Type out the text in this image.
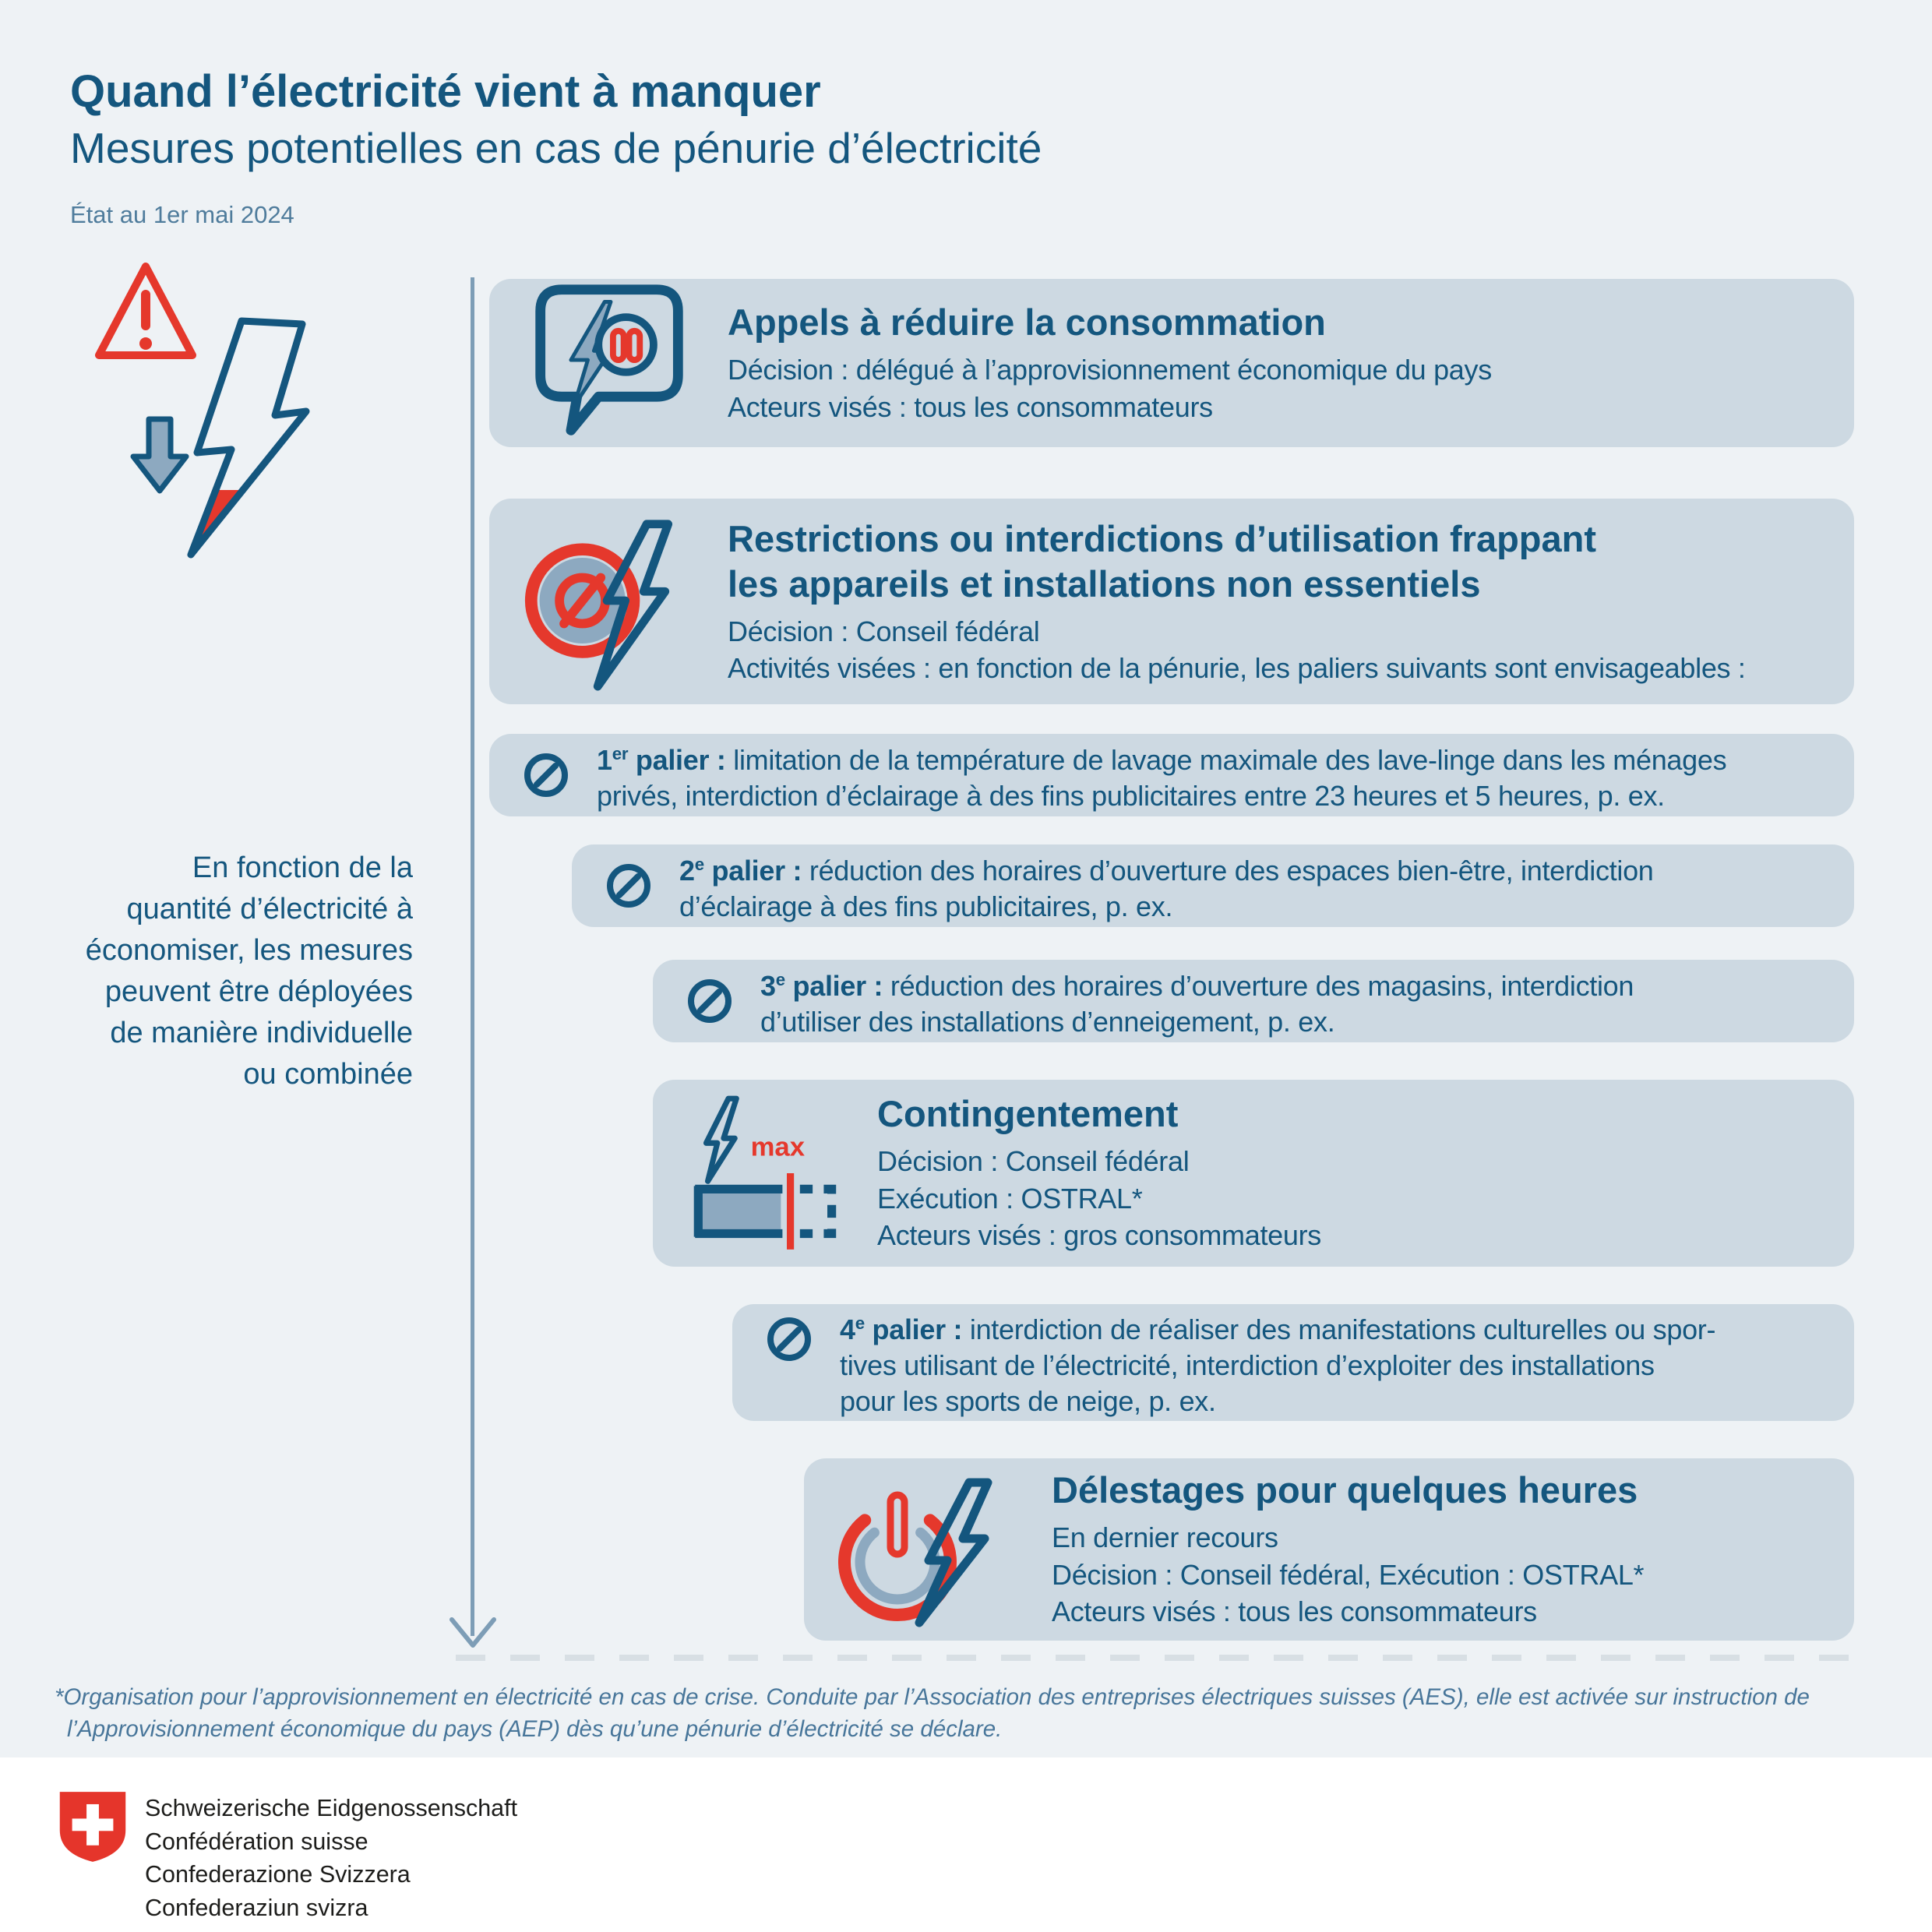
Quand l’électricité vient à manquer
Mesures potentielles en cas de pénurie d’électricité
État au 1er mai 2024
En fonction de la
quantité d’électricité à
économiser, les mesures
peuvent être déployées
de manière individuelle
ou combinée
Appels à réduire la consommation
Décision : délégué à l’approvisionnement économique du pays
Acteurs visés : tous les consommateurs
Restrictions ou interdictions d’utilisation frappant
les appareils et installations non essentiels
Décision : Conseil fédéral
Activités visées : en fonction de la pénurie, les paliers suivants sont envisageables :
1er palier : limitation de la température de lavage maximale des lave-linge dans les ménages
privés, interdiction d’éclairage à des fins publicitaires entre 23 heures et 5 heures, p. ex.
2e palier : réduction des horaires d’ouverture des espaces bien-être, interdiction
d’éclairage à des fins publicitaires, p. ex.
3e palier : réduction des horaires d’ouverture des magasins, interdiction
d’utiliser des installations d’enneigement, p. ex.
max
Contingentement
Décision : Conseil fédéral
Exécution : OSTRAL*
Acteurs visés : gros consommateurs
4e palier : interdiction de réaliser des manifestations culturelles ou spor-
tives utilisant de l’électricité, interdiction d’exploiter des installations
pour les sports de neige, p. ex.
Délestages pour quelques heures
En dernier recours
Décision : Conseil fédéral, Exécution : OSTRAL*
Acteurs visés : tous les consommateurs
*Organisation pour l’approvisionnement en électricité en cas de crise. Conduite par l’Association des entreprises électriques suisses (AES), elle est activée sur instruction de
l’Approvisionnement économique du pays (AEP) dès qu’une pénurie d’électricité se déclare.
Schweizerische Eidgenossenschaft
Confédération suisse
Confederazione Svizzera
Confederaziun svizra
